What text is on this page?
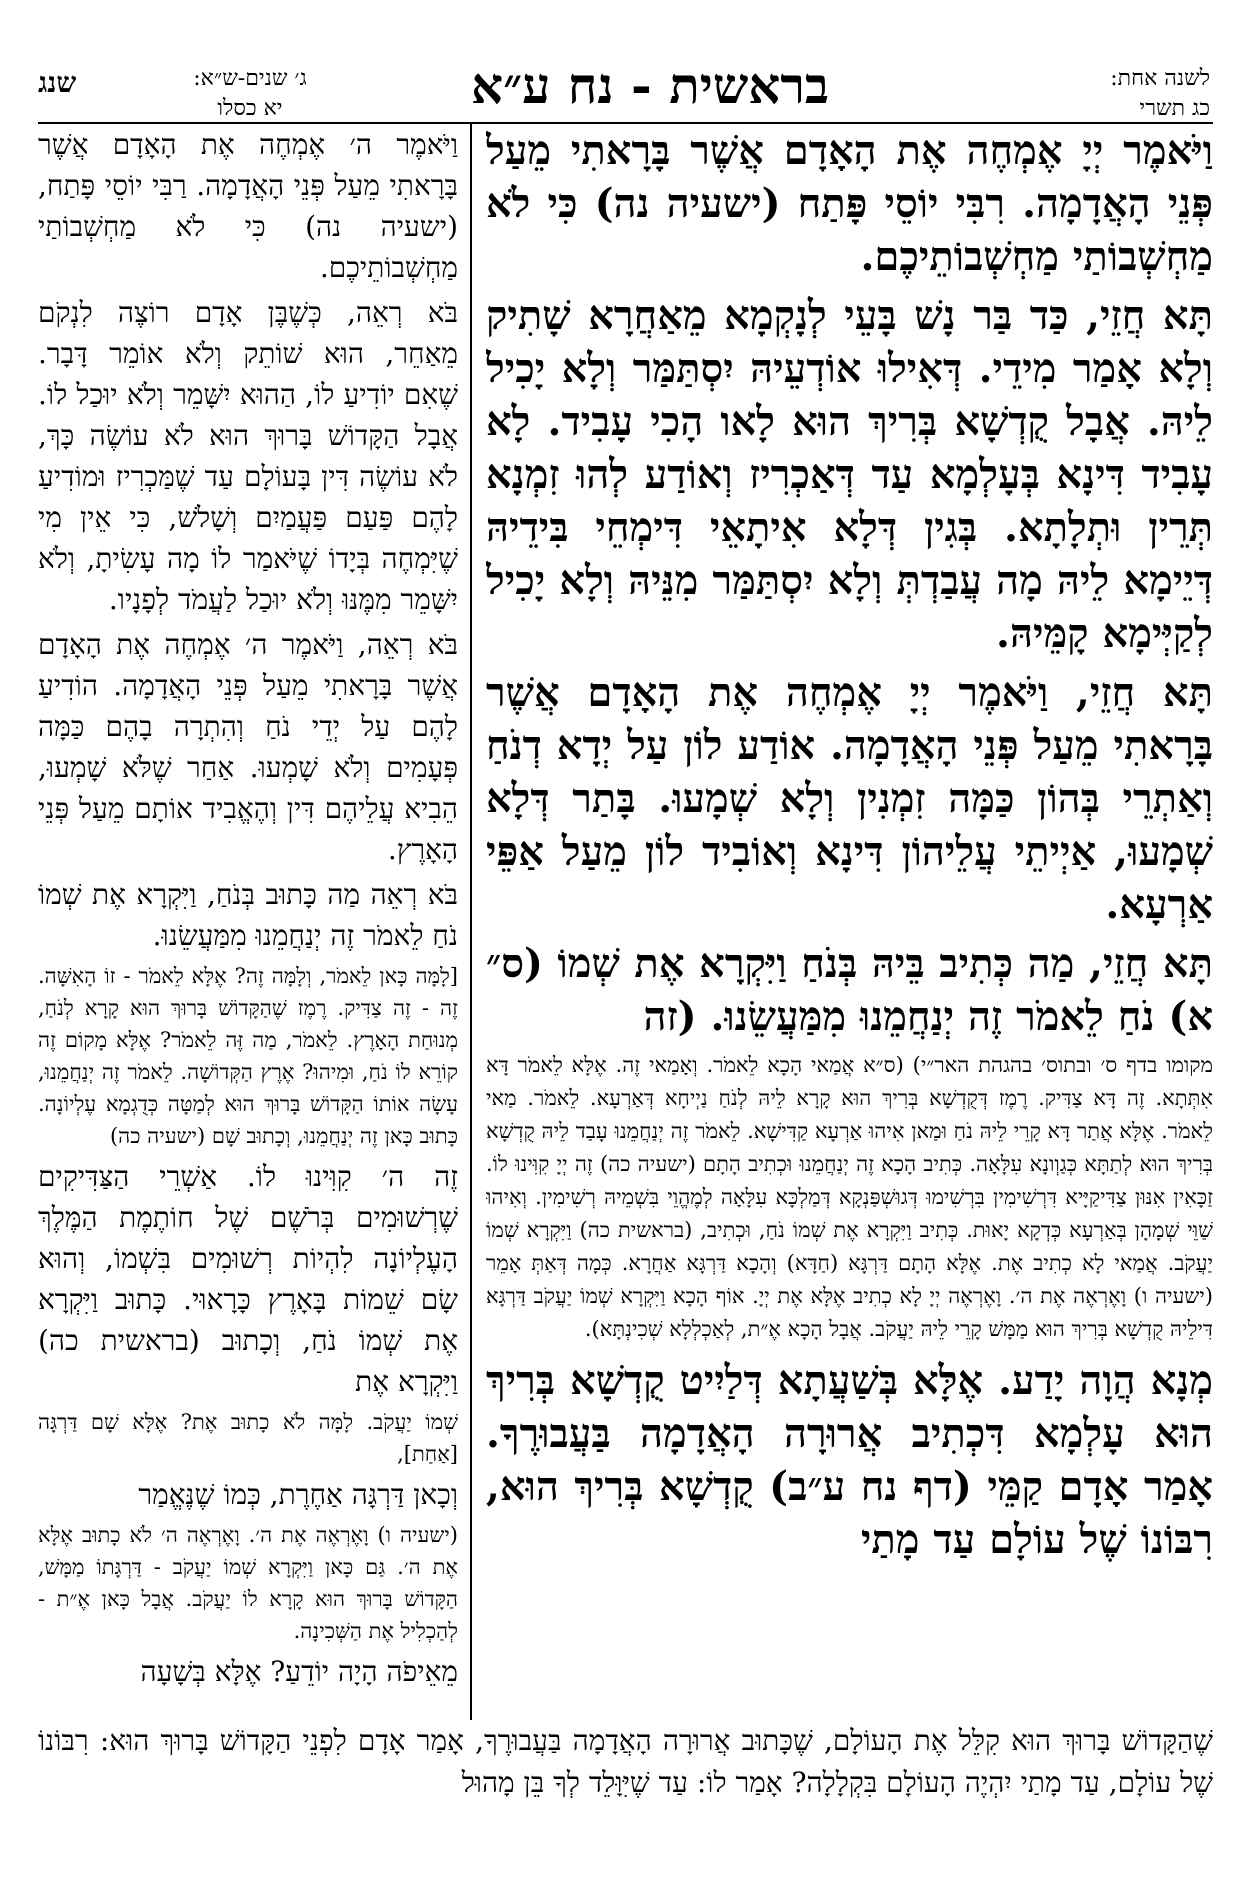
שנג	ג׳ שנים-ש״א:
יא כסלו	בראשית - נח ע״א	לשנה אחת:
כג תשרי

וַיֹּאמֶר יְיָ אֶמְחֶה אֶת הָאָדָם אֲשֶׁר בָּרָאתִי מֵעַל פְּנֵי הָאֲדָמָה. רִבִּי יוֹסֵי פָּתַח (ישעיה נה) כִּי לֹא מַחְשְׁבוֹתַי מַחְשְׁבוֹתֵיכֶם.

תָּא חֲזֵי, כַּד בַּר נָשׁ בָּעֵי לְנָקְמָא מֵאַחֲרָא שָׁתִיק וְלָא אָמַר מִידֵי. דְּאִילוּ אוֹדְעֵיהּ יִסְתַּמַּר וְלָא יָכִיל לֵיהּ. אֲבָל קֻדְשָׁא בְּרִיךְ הוּא לָאו הָכִי עָבִיד. לָא עָבִיד דִּינָא בְּעָלְמָא עַד דְּאַכְרִיז וְאוֹדַע לְהוּ זִמְנָא תְּרֵין וּתְלָתָא. בְּגִין דְּלָא אִיתָאֵי דִּימְחֵי בִּידֵיהּ דְּיֵימָא לֵיהּ מָה עֲבַדְתְּ וְלָא יִסְתַּמַּר מִנֵּיהּ וְלָא יָכִיל לְקַיְּימָא קָמֵּיהּ.

תָּא חֲזֵי, וַיֹּאמֶר יְיָ אֶמְחֶה אֶת הָאָדָם אֲשֶׁר בָּרָאתִי מֵעַל פְּנֵי הָאֲדָמָה. אוֹדַע לוֹן עַל יְדָא דְנֹחַ וְאַתְרֵי בְּהוֹן כַּמָּה זִמְנִין וְלָא שְׁמָעוּ. בָּתַר דְּלָא שְׁמָעוּ, אַיְיתֵי עֲלֵיהוֹן דִּינָא וְאוֹבִיד לוֹן מֵעַל אַפֵּי אַרְעָא.

תָּא חֲזֵי, מַה כְּתִיב בֵּיהּ בְּנֹחַ וַיִּקְרָא אֶת שְׁמוֹ (ס״ א) נֹחַ לֵאמֹר זֶה יְנַחֲמֵנוּ מִמַּעֲשֵׂנוּ. (זה

מקומו בדף ס׳ ובתוס׳ בהגהת האר״י) (ס״א אֲמַאי הָכָא לֵאמֹר. וְאָמַאי זֶה. אֶלָּא לֵאמֹר דָּא אִתְּתָא. זֶה דָּא צַדִּיק. רֶמֶז דְּקֻדְשָׁא בְּרִיךְ הוּא קָרָא לֵיהּ לְנֹחַ נַיְיחָא דְּאַרְעָא. לֵאמֹר. מַאי לֵאמֹר. אֶלָּא אֲתַר דָּא קָרֵי לֵיהּ נֹחַ וּמַאן אִיהוּ אַרְעָא קַדִּישָׁא. לֵאמֹר זֶה יְנַחֲמֵנוּ עָבַד לֵיהּ קֻדְשָׁא בְּרִיךְ הוּא לְתַתָּא כְּגַוְונָא עִלָּאָה. כְּתִיב הָכָא זֶה יְנַחֲמֵנוּ וּכְתִיב הָתָם (ישעיה כה) זֶה יְיָ קִוִּינוּ לוֹ. זַכָּאִין אִנּוּן צַדִּיקַיָּיא דִּרְשִׁימִין בִּרְשִׁימוּ דְּגוּשְׁפַּנְקָא דְּמַלְכָּא עִלָּאָה לְמֶהֱוֵי בִּשְׁמֵיהּ רְשִׁימִין. וְאִיהוּ שַׁוֵּי שְׁמָהָן בְּאַרְעָא כְּדְקָא יָאוּת. כְּתִיב וַיִּקְרָא אֶת שְׁמוֹ נֹחַ, וּכְתִיב, (בראשית כה) וַיִּקְרָא שְׁמוֹ יַעֲקֹב. אֲמַאי לָא כְתִיב אֶת. אֶלָּא הָתָם דַּרְגָּא (חַדָּא) וְהָכָא דַּרְגָּא אַחֲרָא. כְּמָה דְּאַתְּ אָמֵר (ישעיה ו) וָאֶרְאֶה אֶת ה׳. וָאֶרְאֶה יְיָ לָא כְתִיב אֶלָּא אֶת יְיָ. אוֹף הָכָא וַיִּקְרָא שְׁמוֹ יַעֲקֹב דַּרְגָּא דִּילֵיהּ קֻדְשָׁא בְּרִיךְ הוּא מַמָּשׁ קָרֵי לֵיהּ יַעֲקֹב. אֲבָל הָכָא אֶ״ת, לְאַכְלְלָא שְׁכִינְתָּא).

מְנָא הֲוָה יָדַע. אֶלָּא בְּשַׁעֲתָא דְּלַיִיט קֻדְשָׁא בְּרִיךְ הוּא עָלְמָא דִּכְתִיב אֲרוּרָה הָאֲדָמָה בַּעֲבוּרֶךָ. אָמַר אָדָם קַמֵּי (דף נח ע״ב) קֻדְשָׁא בְּרִיךְ הוּא, רִבּוֹנוֹ שֶׁל עוֹלָם עַד מָתַי

וַיֹּאמֶר ה׳ אֶמְחֶה אֶת הָאָדָם אֲשֶׁר בָּרָאתִי מֵעַל פְּנֵי הָאֲדָמָה. רַבִּי יוֹסֵי פָּתַח, (ישעיה נה) כִּי לֹא מַחְשְׁבוֹתַי מַחְשְׁבוֹתֵיכֶם.

בֹּא רְאֵה, כְּשֶׁבֶּן אָדָם רוֹצֶה לִנְקֹם מֵאַחֵר, הוּא שׁוֹתֵק וְלֹא אוֹמֵר דָּבָר. שֶׁאִם יוֹדִיעַ לוֹ, הַהוּא יִשָּׁמֵר וְלֹא יוּכַל לוֹ. אֲבָל הַקָּדוֹשׁ בָּרוּךְ הוּא לֹא עוֹשֶׂה כָּךְ, לֹא עוֹשֶׂה דִּין בָּעוֹלָם עַד שֶׁמַּכְרִיז וּמוֹדִיעַ לָהֶם פַּעַם פַּעֲמַיִם וְשָׁלֹשׁ, כִּי אֵין מִי שֶׁיִּמְחֶה בְּיָדוֹ שֶׁיֹּאמַר לוֹ מָה עָשִׂיתָ, וְלֹא יִשָּׁמֵר מִמֶּנּוּ וְלֹא יוּכַל לַעֲמֹד לְפָנָיו.

בֹּא רְאֵה, וַיֹּאמֶר ה׳ אֶמְחֶה אֶת הָאָדָם אֲשֶׁר בָּרָאתִי מֵעַל פְּנֵי הָאֲדָמָה. הוֹדִיעַ לָהֶם עַל יְדֵי נֹחַ וְהִתְרָה בָהֶם כַּמָּה פְּעָמִים וְלֹא שָׁמְעוּ. אַחַר שֶׁלֹּא שָׁמְעוּ, הֵבִיא עֲלֵיהֶם דִּין וְהֶאֱבִיד אוֹתָם מֵעַל פְּנֵי הָאָרֶץ.

בֹּא רְאֵה מַה כָּתוּב בְּנֹחַ, וַיִּקְרָא אֶת שְׁמוֹ נֹחַ לֵאמֹר זֶה יְנַחֲמֵנוּ מִמַּעֲשֵׂנוּ.

[לָמָּה כָּאן לֵאמֹר, וְלָמָּה זֶה? אֶלָּא לֵאמֹר - זוֹ הָאִשָּׁה. זֶה - זֶה צַדִּיק. רֶמֶז שֶׁהַקָּדוֹשׁ בָּרוּךְ הוּא קָרָא לְנֹחַ, מְנוּחַת הָאָרֶץ. לֵאמֹר, מַה זֶּה לֵאמֹר? אֶלָּא מָקוֹם זֶה קוֹרֵא לוֹ נֹחַ, וּמִיהוּ? אֶרֶץ הַקְּדוֹשָׁה. לֵאמֹר זֶה יְנַחֲמֵנוּ, עָשָׂה אוֹתוֹ הַקָּדוֹשׁ בָּרוּךְ הוּא לְמַטָּה כְּדֻגְמָא עֶלְיוֹנָה. כָּתוּב כָּאן זֶה יְנַחֲמֵנוּ, וְכָתוּב שָׁם (ישעיה כה)

זֶה ה׳ קִוִּינוּ לוֹ. אַשְׁרֵי הַצַּדִּיקִים שֶׁרְשׁוּמִים בְּרֹשֶׁם שֶׁל חוֹתֶמֶת הַמֶּלֶךְ הָעֶלְיוֹנָה לִהְיוֹת רְשׁוּמִים בִּשְׁמוֹ, וְהוּא שָׂם שֵׁמוֹת בָּאָרֶץ כָּרָאוּי. כָּתוּב וַיִּקְרָא אֶת שְׁמוֹ נֹחַ, וְכָתוּב (בראשית כה) וַיִּקְרָא אֶת

שְׁמוֹ יַעֲקֹב. לָמָּה לֹא כָתוּב אֶת? אֶלָּא שָׁם דַּרְגָּה [אַחַת],

וְכָאן דַּרְגָּה אַחֶרֶת, כְּמוֹ שֶׁנֶּאֱמַר

(ישעיה ו) וָאֶרְאֶה אֶת ה׳. וָאֶרְאֶה ה׳ לֹא כָתוּב אֶלָּא אֶת ה׳. גַּם כָּאן וַיִּקְרָא שְׁמוֹ יַעֲקֹב - דַּרְגָּתוֹ מַמָּשׁ, הַקָּדוֹשׁ בָּרוּךְ הוּא קָרָא לוֹ יַעֲקֹב. אֲבָל כָּאן אֶ״ת - לְהַכְלִיל אֶת הַשְּׁכִינָה.

מֵאֵיפֹה הָיָה יוֹדֵעַ? אֶלָּא בְּשָׁעָה

שֶׁהַקָּדוֹשׁ בָּרוּךְ הוּא קִלֵּל אֶת הָעוֹלָם, שֶׁכָּתוּב אֲרוּרָה הָאֲדָמָה בַּעֲבוּרֶךָ, אָמַר אָדָם לִפְנֵי הַקָּדוֹשׁ בָּרוּךְ הוּא: רִבּוֹנוֹ שֶׁל עוֹלָם, עַד מָתַי יִהְיֶה הָעוֹלָם בִּקְלָלָה? אָמַר לוֹ: עַד שֶׁיִּוָּלֵד לְךָ בֵּן מָהוּל
